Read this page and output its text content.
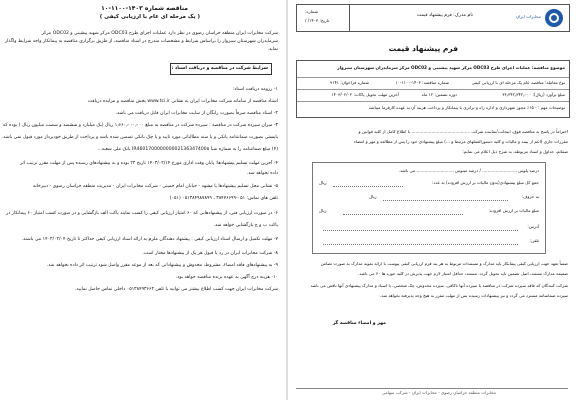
مناقصه شماره ۱۴۰۳-۱۱۰۰-۱۰
( یک مرحله ای عام با ارزیابی کیفی )
شرکت مخابرات ایران منطقه خراسان رضوی در نظر دارد عملیات اجرای طرح ODC03 مرکز شهید پیشینی و ODC02 مرکز
سرمایدران شهرستان سبزوار را براساس شرایط و مشخصات مندرج در اسناد مناقصه، از طریق برگزاری مناقصه به پیمانکار واجد شرایط واگذار
نماید.
شرایط شرکت در مناقصه و دریافت اسناد :
۱- رزومه دریافت اسناد:
اسناد مناقصه از سامانه شرکت مخابرات ایران به نشانی www.tci.ir بخش مناقصه و مزایده دریافت
۲- اسناد مناقصه صرفاً بصورت رایگان از سایت مخابرات ایران قابل دریافت می باشد.
۳- میزان سپرده شرکت در مناقصه : سپرده شرکت در مناقصه به مبلغ ۱٫۶۶۰٫۰۰۰٫۰۰۰ ریال (یک میلیارد و ششصد و شصت میلیون ریال ) بوده که
بایستی بصورت ضمانتنامه بانکی و یا سند مطالباتی مورد تایید و یا چک بانکی تضمین شده باشد و پرداخت از طریق خودپرداز مورد قبول نمی باشد.
(۴) مبلغ ضمانتنامه را به شماره شبا IR460170000000002136347400۵ بانک ملی شعبه...
۴- آخرین مهلت تسلیم پیشنهادها: پایان وقت اداری مورخ ۱۴۰۳/۰۲/۱۴ تاریخ ۲۳ بوده و به پیشنهادهای رسیده پس از مهلت مقرر ترتیب اثر
داده نخواهد شد.
۵- نشانی محل تسلیم پیشنهادها با مشهد - خیابان امام خمینی - شرکت مخابرات ایران - مدیریت منطقه خراسان رضوی - دبیرخانه
تلفن های تماس: ۰۵۱-۳۸۴۷۶۶۹۹ ، ۰۵۱۳۸۴۹۸۷۸۹۹ (۰۵۱)
۶- در صورت ارزیابی فنی، از پیشنهادهایی که ۶۰ امتیاز ارزیابی کیفی را کسب نمایند پاکت الف بازگشایی و در صورت کسب امتیاز ۶۰ پیمانکار در
پاکت ب و ج بازگشایی خواهد شد.
۷- مهلت تکمیل و ارسال اسناد ارزیابی کیفی : پیشنهاد دهندگان ملزم به ارائه اسناد ارزیابی کیفی حداکثر تا تاریخ ۱۴۰۳/۰۲/۰۴ می باشند.
۸- شرکت مخابرات ایران در رد یا قبول هر یک از پیشنهادها مختار است.
۹- به پیشنهادهای فاقد امضاء، مشروط، مخدوش و پیشنهاداتی که بعد از موعد مقرر واصل شود ترتیب اثر داده نخواهد شد.
۱۰- هزینه درج آگهی به عهده برنده مناقصه خواهد بود.
شرکت مخابرات ایران جهت کسب اطلاع بیشتر می توانید با تلفن ۰۵۱۳۸۴۹۳۶۶۲ داخلی تماس حاصل نمایید.
مخابرات ایران
نام مدرک: فرم پیشنهاد قیمت
شماره:
تاریخ: ۱۴۰۳/ /
فرم پیشنهاد قیمت
موضوع مناقصه: عملیات اجرای طرح ODC03 مرکز شهید پیشینی و ODC02 مرکز سرمایدران شهرستان سبزوار
نوع معامله: مناقصه عام یک مرحله ای با ارزیابی کیفی
شماره مناقصه: ۱۴۰۳-۱۱۰۰-۱۰
شماره فراخوان: ۹۱۴۱
مبلغ برآورد (ریال): ۳۶٫۳۴۲٫۳۴۲٫۰۰۰
دوره تضمین: ۱۲ ماه
آخرین مهلت تحویل پاکات: ۱۴۰۳/۰۲/۰۲
توضیحات مهم : - ۱۵٪ مجوز شهرداری و اداره راه و ترابری با پیمانکار و پرداخت هزینه آن به عهده کارفرما میباشد
احتراماً در پاسخ به مناقصه فوق، اینجانب/نماینده شرکت ............................................ با اطلاع کامل از کلیه قوانین و
مقررات جاری (اعم از بیمه و مالیات و کلیه دستورالعملهای مرتبط و ...) مبلغ پیشنهادی خود را پس از مطالعه و مهر و امضاء
ضمائم، جداول و اسناد مربوطه، به شرح ذیل اعلام می نمایم:
درصد پلوس .......................... / درصد مینوس ............................ می باشد.
جمع کل مبلغ پیشنهادی(بدون مالیات بر ارزش افزوده) به عدد:
ریال
به حروف:
ریال
مبلغ مالیات بر ارزش افزوده:
ریال
آدرس:
تلفن:
ضمناً تعهد جهت ارزیابی کیفی پیمانکار باید مدارک و مستندات مربوط به هر بند فرم ارزیابی کیفی پیوست با ارائه نمونه مدارک به صورت تضامن
ضمیمه مدارک مستند، اصل تضمین باید تحویل گردد. مستند، حداقل امتیاز لازم جهت پذیرش در کلیه حوزه ها ۶۰ می باشد.
شرکت کنندگان که فاقد سپرده شرکت در مناقصه یا سپرده آنها ناکافی، سپرده مخدوش، چک شخصی، یا اسناد و مدارک پیشنهادی آنها ناقص می باشد
سپرده ضمانتنامه مسترد می گردد و نیز پیشنهادات رسیده پس از مهلت مقرر به هیچ وجه پذیرفته نخواهد شد.
مهر و امضاء مناقصه گر
مخابرات منطقه خراسان رضوی - مخابرات ایران - شرکت سهامی
